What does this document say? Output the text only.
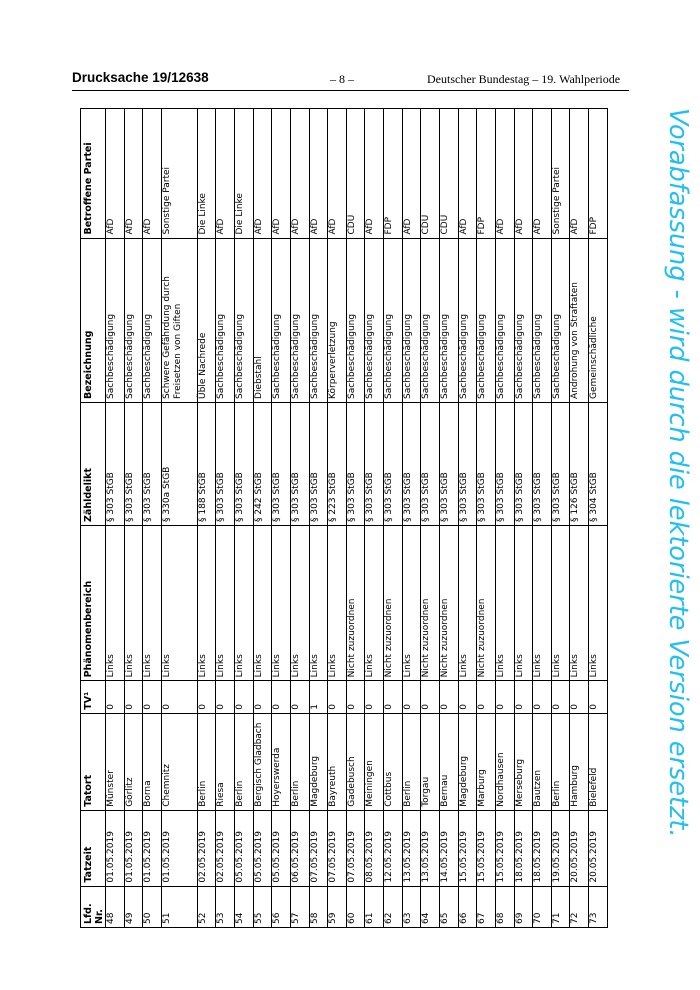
Drucksache 19/12638	– 8 –	Deutscher Bundestag – 19. Wahlperiode
Lfd. Nr.	Tatzeit	Tatort	TV¹	Phänomenbereich	Zähldelikt	Bezeichnung	Betroffene Partei
48	01.05.2019	Münster	0	Links	§ 303 StGB	Sachbeschädigung	AfD
49	01.05.2019	Görlitz	0	Links	§ 303 StGB	Sachbeschädigung	AfD
50	01.05.2019	Borna	0	Links	§ 303 StGB	Sachbeschädigung	AfD
51	01.05.2019	Chemnitz	0	Links	§ 330a StGB	Schwere Gefährdung durch Freisetzen von Giften	Sonstige Partei
52	02.05.2019	Berlin	0	Links	§ 188 StGB	Üble Nachrede	Die Linke
53	02.05.2019	Riesa	0	Links	§ 303 StGB	Sachbeschädigung	AfD
54	05.05.2019	Berlin	0	Links	§ 303 StGB	Sachbeschädigung	Die Linke
55	05.05.2019	Bergisch Gladbach	0	Links	§ 242 StGB	Diebstahl	AfD
56	05.05.2019	Hoyerswerda	0	Links	§ 303 StGB	Sachbeschädigung	AfD
57	06.05.2019	Berlin	0	Links	§ 303 StGB	Sachbeschädigung	AfD
58	07.05.2019	Magdeburg	1	Links	§ 303 StGB	Sachbeschädigung	AfD
59	07.05.2019	Bayreuth	0	Links	§ 223 StGB	Körperverletzung	AfD
60	07.05.2019	Gadebusch	0	Nicht zuzuordnen	§ 303 StGB	Sachbeschädigung	CDU
61	08.05.2019	Meiningen	0	Links	§ 303 StGB	Sachbeschädigung	AfD
62	12.05.2019	Cottbus	0	Nicht zuzuordnen	§ 303 StGB	Sachbeschädigung	FDP
63	13.05.2019	Berlin	0	Links	§ 303 StGB	Sachbeschädigung	AfD
64	13.05.2019	Torgau	0	Nicht zuzuordnen	§ 303 StGB	Sachbeschädigung	CDU
65	14.05.2019	Bernau	0	Nicht zuzuordnen	§ 303 StGB	Sachbeschädigung	CDU
66	15.05.2019	Magdeburg	0	Links	§ 303 StGB	Sachbeschädigung	AfD
67	15.05.2019	Marburg	0	Nicht zuzuordnen	§ 303 StGB	Sachbeschädigung	FDP
68	15.05.2019	Nordhausen	0	Links	§ 303 StGB	Sachbeschädigung	AfD
69	18.05.2019	Merseburg	0	Links	§ 303 StGB	Sachbeschädigung	AfD
70	18.05.2019	Bautzen	0	Links	§ 303 StGB	Sachbeschädigung	AfD
71	19.05.2019	Berlin	0	Links	§ 303 StGB	Sachbeschädigung	Sonstige Partei
72	20.05.2019	Hamburg	0	Links	§ 126 StGB	Androhung von Straftaten	AfD
73	20.05.2019	Bielefeld	0	Links	§ 304 StGB	Gemeinschädliche	FDP	Vorabfassung - wird durch die lektorierte Version ersetzt.
